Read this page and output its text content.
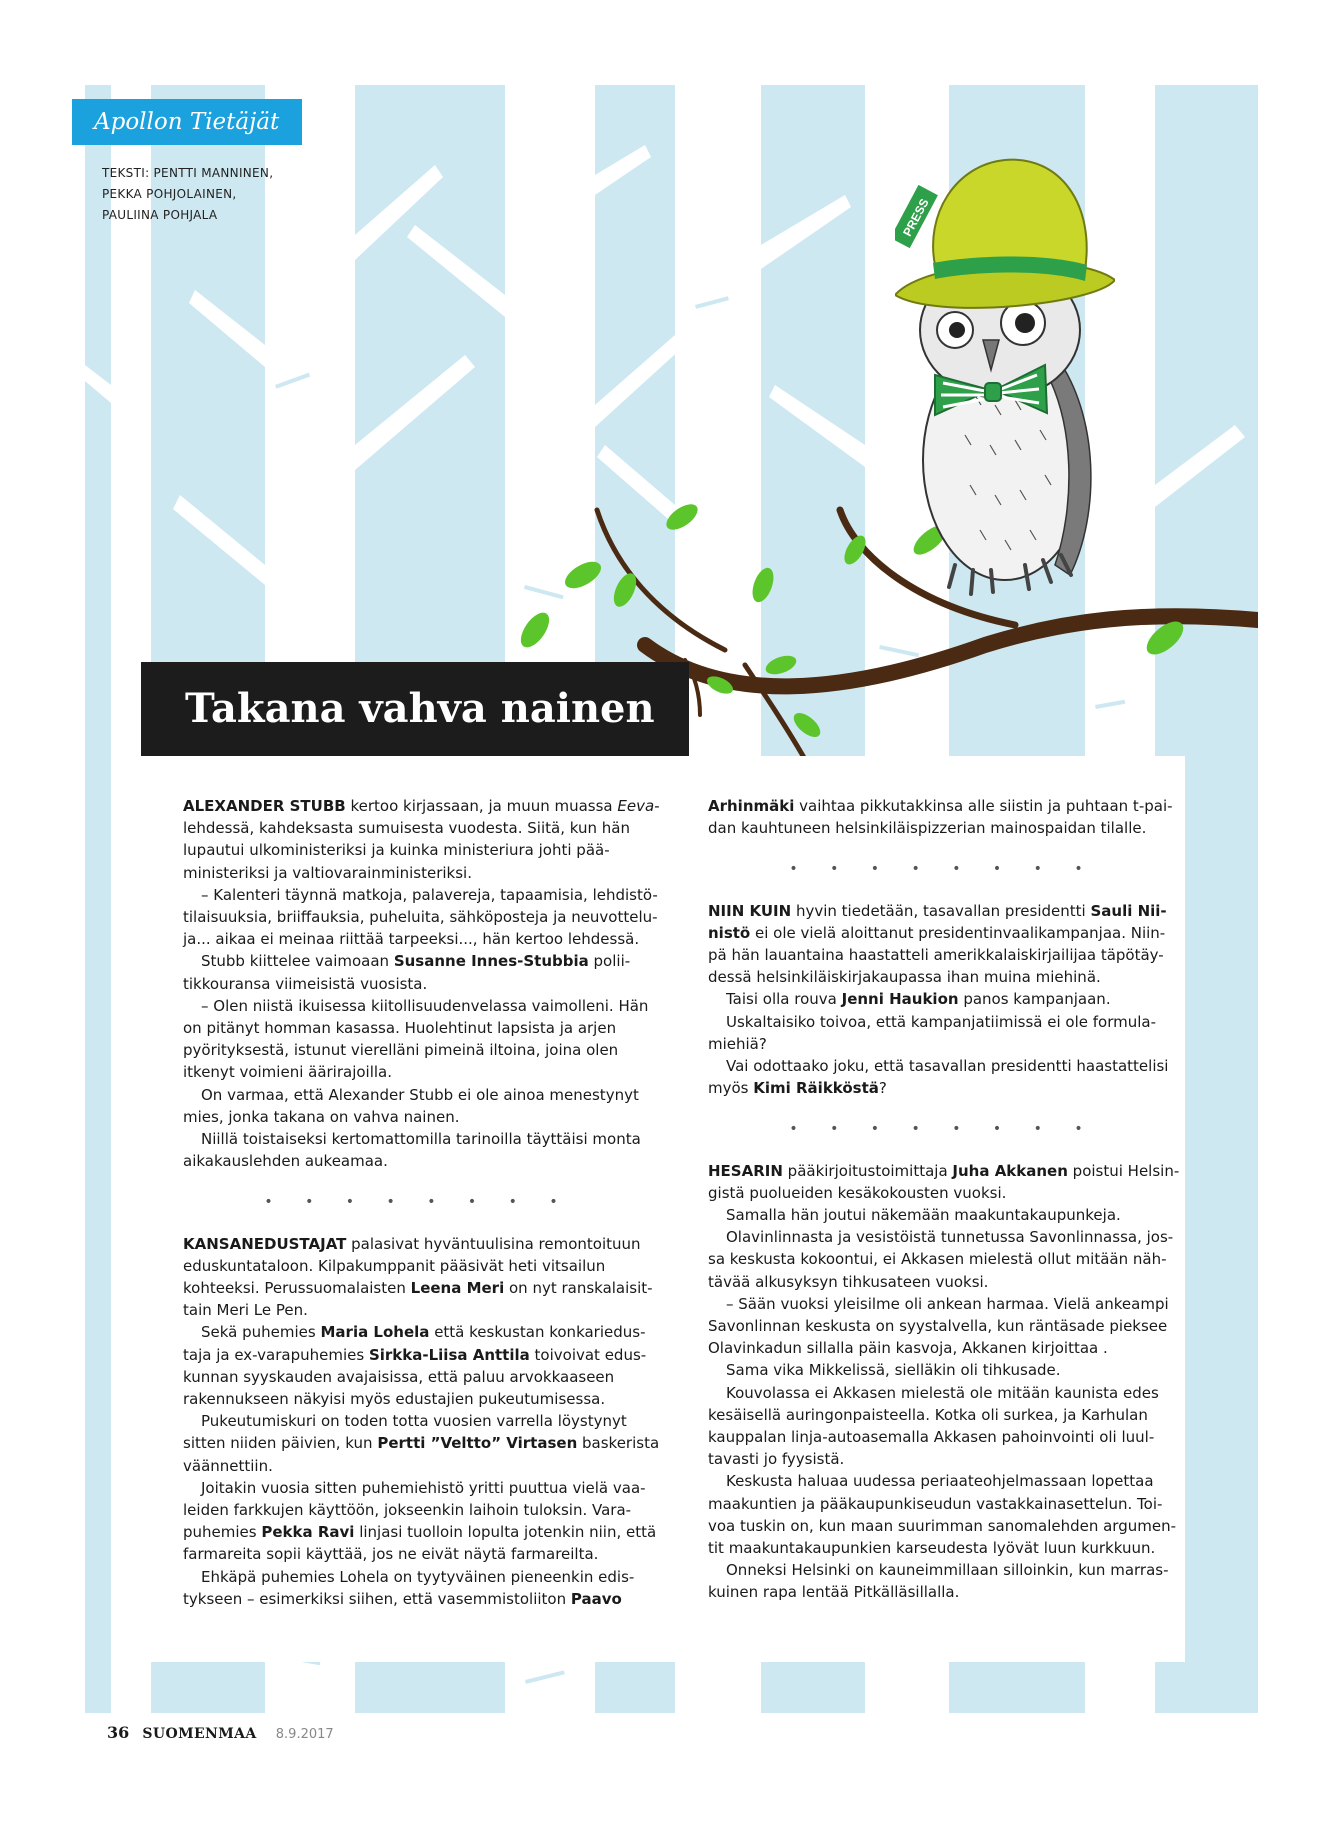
PRESS
Apollon Tietäjät
TEKSTI: PENTTI MANNINEN,
PEKKA POHJOLAINEN,
PAULIINA POHJALA
Takana vahva nainen
ALEXANDER STUBB kertoo kirjassaan, ja muun muassa Eeva-
lehdessä, kahdeksasta sumuisesta vuodesta. Siitä, kun hän
lupautui ulkoministeriksi ja kuinka ministeriura johti pää-
ministeriksi ja valtiovarainministeriksi.
– Kalenteri täynnä matkoja, palavereja, tapaamisia, lehdistö-
tilaisuuksia, briiffauksia, puheluita, sähköposteja ja neuvottelu-
ja... aikaa ei meinaa riittää tarpeeksi..., hän kertoo lehdessä.
Stubb kiittelee vaimoaan Susanne Innes-Stubbia polii-
tikkouransa viimeisistä vuosista.
– Olen niistä ikuisessa kiitollisuudenvelassa vaimolleni. Hän
on pitänyt homman kasassa. Huolehtinut lapsista ja arjen
pyörityksestä, istunut vierelläni pimeinä iltoina, joina olen
itkenyt voimieni äärirajoilla.
On varmaa, että Alexander Stubb ei ole ainoa menestynyt
mies, jonka takana on vahva nainen.
Niillä toistaiseksi kertomattomilla tarinoilla täyttäisi monta
aikakauslehden aukeamaa.
• • • • • • • •
KANSANEDUSTAJAT palasivat hyväntuulisina remontoituun
eduskuntataloon. Kilpakumppanit pääsivät heti vitsailun
kohteeksi. Perussuomalaisten Leena Meri on nyt ranskalaisit-
tain Meri Le Pen.
Sekä puhemies Maria Lohela että keskustan konkariedus-
taja ja ex-varapuhemies Sirkka-Liisa Anttila toivoivat edus-
kunnan syyskauden avajaisissa, että paluu arvokkaaseen
rakennukseen näkyisi myös edustajien pukeutumisessa.
Pukeutumiskuri on toden totta vuosien varrella löystynyt
sitten niiden päivien, kun Pertti ”Veltto” Virtasen baskerista
väännettiin.
Joitakin vuosia sitten puhemiehistö yritti puuttua vielä vaa-
leiden farkkujen käyttöön, jokseenkin laihoin tuloksin. Vara-
puhemies Pekka Ravi linjasi tuolloin lopulta jotenkin niin, että
farmareita sopii käyttää, jos ne eivät näytä farmareilta.
Ehkäpä puhemies Lohela on tyytyväinen pieneenkin edis-
tykseen – esimerkiksi siihen, että vasemmistoliiton Paavo
Arhinmäki vaihtaa pikkutakkinsa alle siistin ja puhtaan t-pai-
dan kauhtuneen helsinkiläispizzerian mainospaidan tilalle.
• • • • • • • •
NIIN KUIN hyvin tiedetään, tasavallan presidentti Sauli Nii-
nistö ei ole vielä aloittanut presidentinvaalikampanjaa. Niin-
pä hän lauantaina haastatteli amerikkalaiskirjailijaa täpötäy-
dessä helsinkiläiskirjakaupassa ihan muina miehinä.
Taisi olla rouva Jenni Haukion panos kampanjaan.
Uskaltaisiko toivoa, että kampanjatiimissä ei ole formula-
miehiä?
Vai odottaako joku, että tasavallan presidentti haastattelisi
myös Kimi Räikköstä?
• • • • • • • •
HESARIN pääkirjoitustoimittaja Juha Akkanen poistui Helsin-
gistä puolueiden kesäkokousten vuoksi.
Samalla hän joutui näkemään maakuntakaupunkeja.
Olavinlinnasta ja vesistöistä tunnetussa Savonlinnassa, jos-
sa keskusta kokoontui, ei Akkasen mielestä ollut mitään näh-
tävää alkusyksyn tihkusateen vuoksi.
– Sään vuoksi yleisilme oli ankean harmaa. Vielä ankeampi
Savonlinnan keskusta on syystalvella, kun räntäsade pieksee
Olavinkadun sillalla päin kasvoja, Akkanen kirjoittaa .
Sama vika Mikkelissä, sielläkin oli tihkusade.
Kouvolassa ei Akkasen mielestä ole mitään kaunista edes
kesäisellä auringonpaisteella. Kotka oli surkea, ja Karhulan
kauppalan linja-autoasemalla Akkasen pahoinvointi oli luul-
tavasti jo fyysistä.
Keskusta haluaa uudessa periaateohjelmassaan lopettaa
maakuntien ja pääkaupunkiseudun vastakkainasettelun. Toi-
voa tuskin on, kun maan suurimman sanomalehden argumen-
tit maakuntakaupunkien karseudesta lyövät luun kurkkuun.
Onneksi Helsinki on kauneimmillaan silloinkin, kun marras-
kuinen rapa lentää Pitkälläsillalla.
36 SUOMENMAA 8.9.2017
